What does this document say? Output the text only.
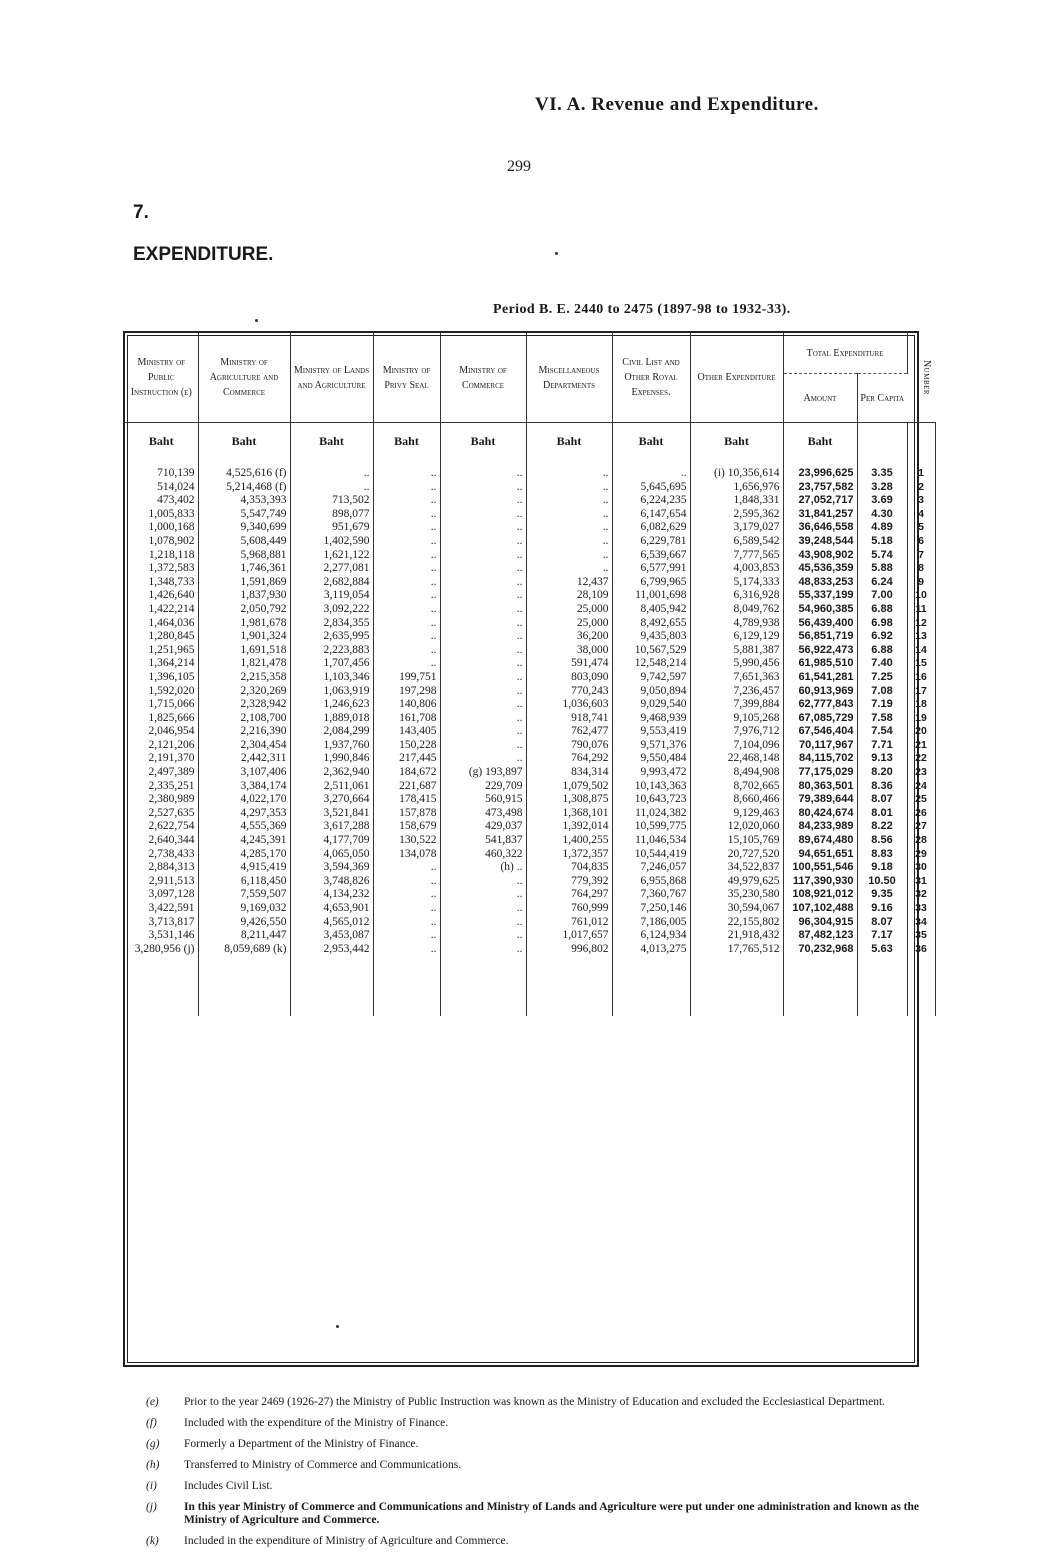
VI. A. Revenue and Expenditure.
299
7.
EXPENDITURE.
Period B. E. 2440 to 2475 (1897-98 to 1932-33).
Ministry of Public Instruction (e)	Ministry of Agriculture and Commerce	Ministry of Lands and Agriculture	Ministry of Privy Seal	Ministry of Commerce	Miscellaneous Departments	Civil List and Other Royal Expenses.	Other Expenditure	Total Expenditure		Number
								Amount	Per Capita	
Baht	Baht	Baht	Baht	Baht	Baht	Baht	Baht	Baht		
710,139	4,525,616 (f)	..	..	..	..	..	(i) 10,356,614	23,996,625	3.35	1
514,024	5,214,468 (f)	..	..	..	..	5,645,695	1,656,976	23,757,582	3.28	2
473,402	4,353,393	713,502	..	..	..	6,224,235	1,848,331	27,052,717	3.69	3
1,005,833	5,547,749	898,077	..	..	..	6,147,654	2,595,362	31,841,257	4.30	4
1,000,168	9,340,699	951,679	..	..	..	6,082,629	3,179,027	36,646,558	4.89	5
1,078,902	5,608,449	1,402,590	..	..	..	6,229,781	6,589,542	39,248,544	5.18	6
1,218,118	5,968,881	1,621,122	..	..	..	6,539,667	7,777,565	43,908,902	5.74	7
1,372,583	1,746,361	2,277,081	..	..	..	6,577,991	4,003,853	45,536,359	5.88	8
1,348,733	1,591,869	2,682,884	..	..	12,437	6,799,965	5,174,333	48,833,253	6.24	9
1,426,640	1,837,930	3,119,054	..	..	28,109	11,001,698	6,316,928	55,337,199	7.00	10
1,422,214	2,050,792	3,092,222	..	..	25,000	8,405,942	8,049,762	54,960,385	6.88	11
1,464,036	1,981,678	2,834,355	..	..	25,000	8,492,655	4,789,938	56,439,400	6.98	12
1,280,845	1,901,324	2,635,995	..	..	36,200	9,435,803	6,129,129	56,851,719	6.92	13
1,251,965	1,691,518	2,223,883	..	..	38,000	10,567,529	5,881,387	56,922,473	6.88	14
1,364,214	1,821,478	1,707,456	..	..	591,474	12,548,214	5,990,456	61,985,510	7.40	15
1,396,105	2,215,358	1,103,346	199,751	..	803,090	9,742,597	7,651,363	61,541,281	7.25	16
1,592,020	2,320,269	1,063,919	197,298	..	770,243	9,050,894	7,236,457	60,913,969	7.08	17
1,715,066	2,328,942	1,246,623	140,806	..	1,036,603	9,029,540	7,399,884	62,777,843	7.19	18
1,825,666	2,108,700	1,889,018	161,708	..	918,741	9,468,939	9,105,268	67,085,729	7.58	19
2,046,954	2,216,390	2,084,299	143,405	..	762,477	9,553,419	7,976,712	67,546,404	7.54	20
2,121,206	2,304,454	1,937,760	150,228	..	790,076	9,571,376	7,104,096	70,117,967	7.71	21
2,191,370	2,442,311	1,990,846	217,445	..	764,292	9,550,484	22,468,148	84,115,702	9.13	22
2,497,389	3,107,406	2,362,940	184,672	(g) 193,897	834,314	9,993,472	8,494,908	77,175,029	8.20	23
2,335,251	3,384,174	2,511,061	221,687	229,709	1,079,502	10,143,363	8,702,665	80,363,501	8.36	24
2,380,989	4,022,170	3,270,664	178,415	560,915	1,308,875	10,643,723	8,660,466	79,389,644	8.07	25
2,527,635	4,297,353	3,521,841	157,878	473,498	1,368,101	11,024,382	9,129,463	80,424,674	8.01	26
2,622,754	4,555,369	3,617,288	158,679	429,037	1,392,014	10,599,775	12,020,060	84,233,989	8.22	27
2,640,344	4,245,391	4,177,709	130,522	541,837	1,400,255	11,046,534	15,105,769	89,674,480	8.56	28
2,738,433	4,285,170	4,065,050	134,078	460,322	1,372,357	10,544,419	20,727,520	94,651,651	8.83	29
2,884,313	4,915,419	3,594,369	..	(h) ..	704,835	7,246,057	34,522,837	100,551,546	9.18	30
2,911,513	6,118,450	3,748,826	..	..	779,392	6,955,868	49,979,625	117,390,930	10.50	31
3,097,128	7,559,507	4,134,232	..	..	764,297	7,360,767	35,230,580	108,921,012	9.35	32
3,422,591	9,169,032	4,653,901	..	..	760,999	7,250,146	30,594,067	107,102,488	9.16	33
3,713,817	9,426,550	4,565,012	..	..	761,012	7,186,005	22,155,802	96,304,915	8.07	34
3,531,146	8,211,447	3,453,087	..	..	1,017,657	6,124,934	21,918,432	87,482,123	7.17	35
3,280,956 (j)	8,059,689 (k)	2,953,442	..	..	996,802	4,013,275	17,765,512	70,232,968	5.63	36

(e)	Prior to the year 2469 (1926-27) the Ministry of Public Instruction was known as the Ministry of Education and excluded the Ecclesiastical Department.
(f)	Included with the expenditure of the Ministry of Finance.
(g)	Formerly a Department of the Ministry of Finance.
(h)	Transferred to Ministry of Commerce and Communications.
(i)	Includes Civil List.
(j)	In this year Ministry of Commerce and Communications and Ministry of Lands and Agriculture were put under one administration and known as the Ministry of Agriculture and Commerce.
(k)	Included in the expenditure of Ministry of Agriculture and Commerce.
